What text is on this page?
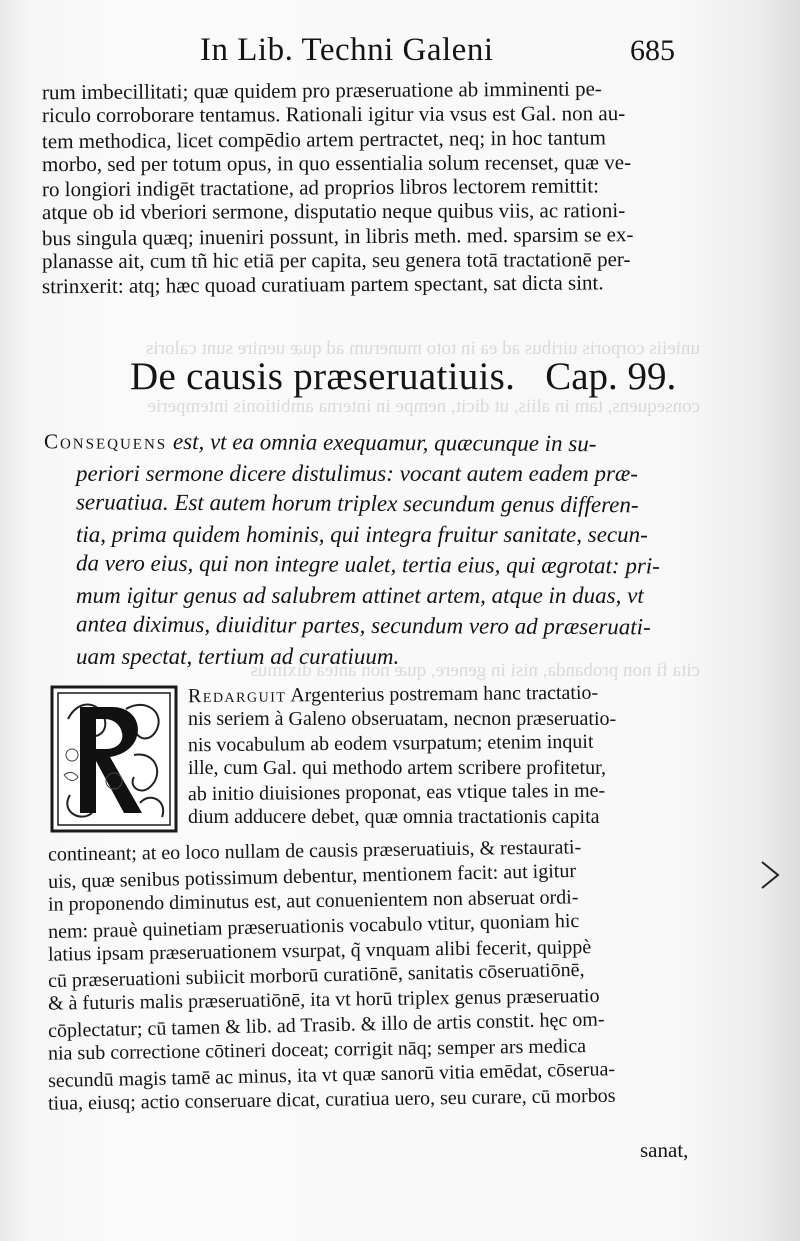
unieiis corporis uiribus ad ea in toto munerum ad quæ uenire sunt caloris
consequens, tam in aliis, ut dicit, nempe in interna ambitionis intemperie
cita fi non probanda, nisi in genere, quæ non antea diximus
In Lib. Techni Galeni	685
rum imbecillitati; quæ quidem pro præseruatione ab imminenti pe-
riculo corroborare tentamus. Rationali igitur via vsus est Gal. non au-
tem methodica, licet compēdio artem pertractet, neq; in hoc tantum
morbo, sed per totum opus, in quo essentialia solum recenset, quæ ve-
ro longiori indigēt tractatione, ad proprios libros lectorem remittit:
atque ob id vberiori sermone, disputatio neque quibus viis, ac rationi-
bus singula quæq; inueniri possunt, in libris meth. med. sparsim se ex-
planasse ait, cum tñ hic etiā per capita, seu genera totā tractationē per-
strinxerit: atq; hæc quoad curatiuam partem spectant, sat dicta sint.
De causis præseruatiuis. Cap. 99.
Consequens est, vt ea omnia exequamur, quæcunque in su-
periori sermone dicere distulimus: vocant autem eadem præ-
seruatiua. Est autem horum triplex secundum genus differen-
tia, prima quidem hominis, qui integra fruitur sanitate, secun-
da vero eius, qui non integre ualet, tertia eius, qui ægrotat: pri-
mum igitur genus ad salubrem attinet artem, atque in duas, vt
antea diximus, diuiditur partes, secundum vero ad præseruati-
uam spectat, tertium ad curatiuum.
Redarguit Argenterius postremam hanc tractatio-
nis seriem à Galeno obseruatam, necnon præseruatio-
nis vocabulum ab eodem vsurpatum; etenim inquit
ille, cum Gal. qui methodo artem scribere profitetur,
ab initio diuisiones proponat, eas vtique tales in me-
dium adducere debet, quæ omnia tractationis capita
contineant; at eo loco nullam de causis præseruatiuis, & restaurati-
uis, quæ senibus potissimum debentur, mentionem facit: aut igitur
in proponendo diminutus est, aut conuenientem non abseruat ordi-
nem: prauè quinetiam præseruationis vocabulo vtitur, quoniam hic
latius ipsam præseruationem vsurpat, q̃ vnquam alibi fecerit, quippè
cū præseruationi subiicit morborū curatiōnē, sanitatis cōseruatiōnē,
& à futuris malis præseruatiōnē, ita vt horū triplex genus præseruatio
cōplectatur; cū tamen & lib. ad Trasib. & illo de artis constit. hęc om-
nia sub correctione cōtineri doceat; corrigit nāq; semper ars medica
secundū magis tamē ac minus, ita vt quæ sanorū vitia emēdat, cōserua-
tiua, eiusq; actio conseruare dicat, curatiua uero, seu curare, cū morbos
sanat,
